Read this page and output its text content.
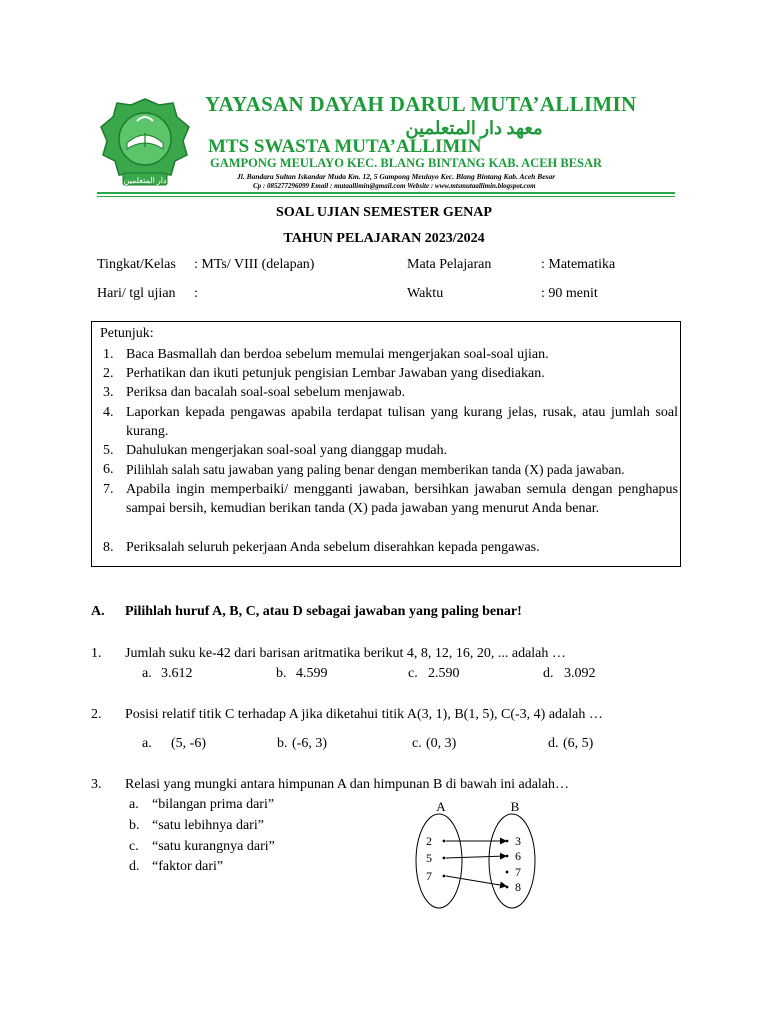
دار المتعلمين
YAYASAN DAYAH DARUL MUTA’ALLIMIN
معهد دار المتعلمين
MTS SWASTA MUTA’ALLIMIN
GAMPONG MEULAYO KEC. BLANG BINTANG KAB. ACEH BESAR
Jl. Bandara Sultan Iskandar Muda Km. 12, 5 Gampong Meulayo Kec. Blang Bintang Kab. Aceh Besar
Cp : 085277296099 Email : mutaallimin@gmail.com Website : www.mtsmutaallimin.blogspot.com
SOAL UJIAN SEMESTER GENAP
TAHUN PELAJARAN 2023/2024
Tingkat/Kelas : MTs/ VIII (delapan)	Mata Pelajaran	: Matematika
Hari/ tgl ujian :	Waktu	: 90 menit
Petunjuk:
1. Baca Basmallah dan berdoa sebelum memulai mengerjakan soal-soal ujian.
2. Perhatikan dan ikuti petunjuk pengisian Lembar Jawaban yang disediakan.
3. Periksa dan bacalah soal-soal sebelum menjawab.
4. Laporkan kepada pengawas apabila terdapat tulisan yang kurang jelas, rusak, atau jumlah soal kurang.
5. Dahulukan mengerjakan soal-soal yang dianggap mudah.
6. Pilihlah salah satu jawaban yang paling benar dengan memberikan tanda (X) pada jawaban.
7. Apabila ingin memperbaiki/ mengganti jawaban, bersihkan jawaban semula dengan penghapus sampai bersih, kemudian berikan tanda (X) pada jawaban yang menurut Anda benar.
8. Periksalah seluruh pekerjaan Anda sebelum diserahkan kepada pengawas.
A. Pilihlah huruf A, B, C, atau D sebagai jawaban yang paling benar!
1. Jumlah suku ke-42 dari barisan aritmatika berikut 4, 8, 12, 16, 20, ... adalah …
a. 3.612	b. 4.599	c. 2.590	d. 3.092
2. Posisi relatif titik C terhadap A jika diketahui titik A(3, 1), B(1, 5), C(-3, 4) adalah …
a. (5, -6)	b. (-6, 3)	c. (0, 3)	d. (6, 5)
3. Relasi yang mungki antara himpunan A dan himpunan B di bawah ini adalah…
a. “bilangan prima dari”
b. “satu lebihnya dari”
c. “satu kurangnya dari”
d. “faktor dari”
A	B
2
5
7
3
6
7
8
